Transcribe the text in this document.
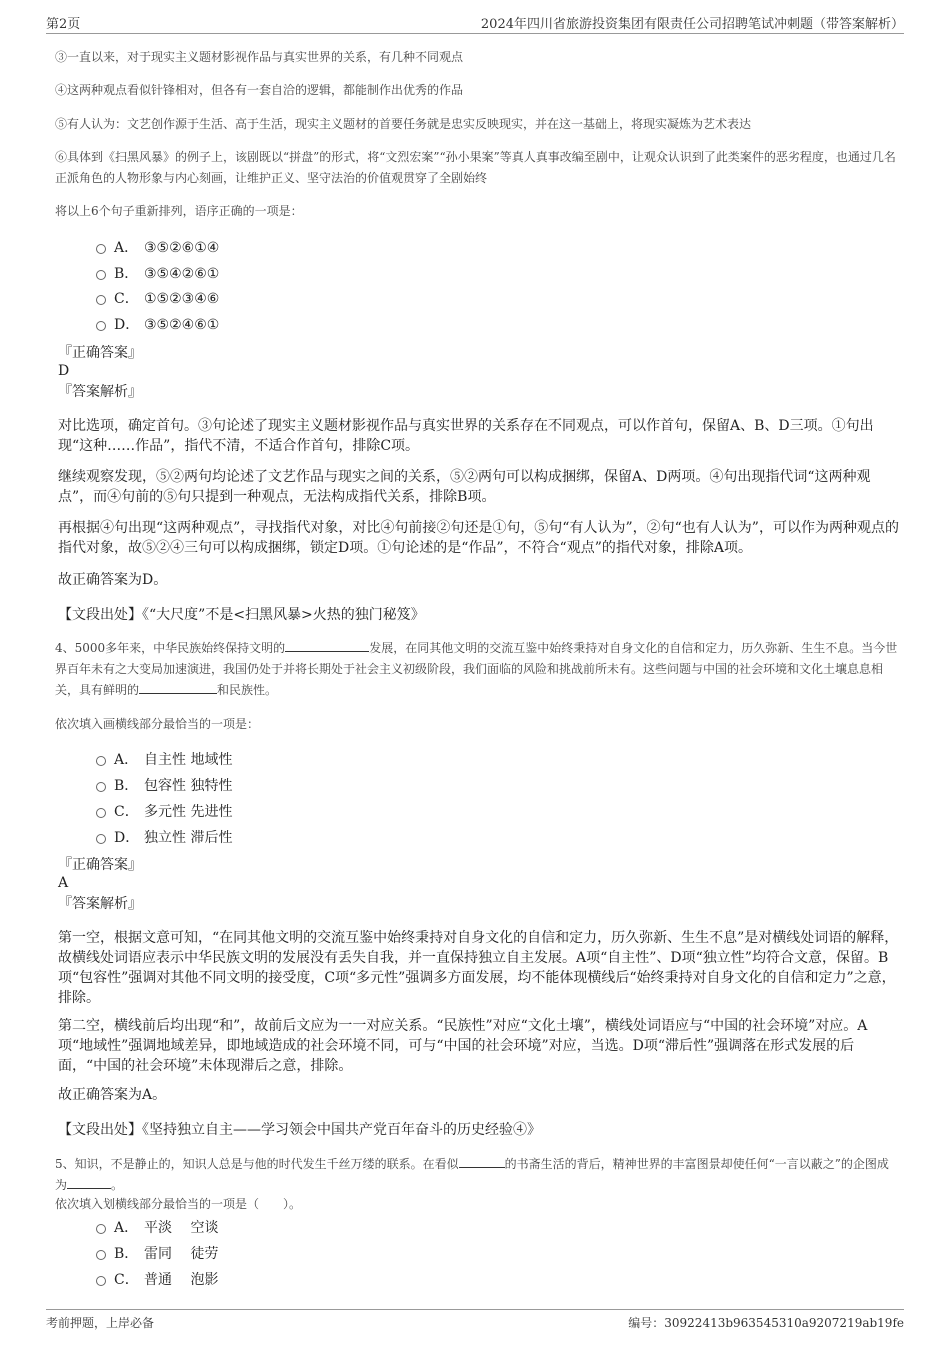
第2页	2024年四川省旅游投资集团有限责任公司招聘笔试冲刺题（带答案解析）
③一直以来，对于现实主义题材影视作品与真实世界的关系，有几种不同观点
④这两种观点看似针锋相对，但各有一套自洽的逻辑，都能制作出优秀的作品
⑤有人认为：文艺创作源于生活、高于生活，现实主义题材的首要任务就是忠实反映现实，并在这一基础上，将现实凝炼为艺术表达
⑥具体到《扫黑风暴》的例子上，该剧既以“拼盘”的形式，将“文烈宏案”“孙小果案”等真人真事改编至剧中，让观众认识到了此类案件的恶劣程度，也通过几名正派角色的人物形象与内心刻画，让维护正义、坚守法治的价值观贯穿了全剧始终
将以上6个句子重新排列，语序正确的一项是：
A． ③⑤②⑥①④
B． ③⑤④②⑥①
C． ①⑤②③④⑥
D． ③⑤②④⑥①
『正确答案』
D
『答案解析』
对比选项，确定首句。③句论述了现实主义题材影视作品与真实世界的关系存在不同观点，可以作首句，保留A、B、D三项。①句出现“这种……作品”，指代不清，不适合作首句，排除C项。
继续观察发现，⑤②两句均论述了文艺作品与现实之间的关系，⑤②两句可以构成捆绑，保留A、D两项。④句出现指代词“这两种观点”，而④句前的⑤句只提到一种观点，无法构成指代关系，排除B项。
再根据④句出现“这两种观点”，寻找指代对象，对比④句前接②句还是①句，⑤句“有人认为”，②句“也有人认为”，可以作为两种观点的指代对象，故⑤②④三句可以构成捆绑，锁定D项。①句论述的是“作品”，不符合“观点”的指代对象，排除A项。
故正确答案为D。
【文段出处】《“大尺度”不是<扫黑风暴>火热的独门秘笈》
4、5000多年来，中华民族始终保持文明的	发展，在同其他文明的交流互鉴中始终秉持对自身文化的自信和定力，历久弥新、生生不息。当今世界百年未有之大变局加速演进，我国仍处于并将长期处于社会主义初级阶段，我们面临的风险和挑战前所未有。这些问题与中国的社会环境和文化土壤息息相关，具有鲜明的	和民族性。
依次填入画横线部分最恰当的一项是：
A． 自主性 地域性
B． 包容性 独特性
C． 多元性 先进性
D． 独立性 滞后性
『正确答案』
A
『答案解析』
第一空，根据文意可知，“在同其他文明的交流互鉴中始终秉持对自身文化的自信和定力，历久弥新、生生不息”是对横线处词语的解释，故横线处词语应表示中华民族文明的发展没有丢失自我，并一直保持独立自主发展。A项“自主性”、D项“独立性”均符合文意，保留。B项“包容性”强调对其他不同文明的接受度，C项“多元性”强调多方面发展，均不能体现横线后“始终秉持对自身文化的自信和定力”之意，排除。
第二空，横线前后均出现“和”，故前后文应为一一对应关系。“民族性”对应“文化土壤”，横线处词语应与“中国的社会环境”对应。A项“地域性”强调地域差异，即地域造成的社会环境不同，可与“中国的社会环境”对应，当选。D项“滞后性”强调落在形式发展的后面，“中国的社会环境”未体现滞后之意，排除。
故正确答案为A。
【文段出处】《坚持独立自主——学习领会中国共产党百年奋斗的历史经验④》
5、知识，不是静止的，知识人总是与他的时代发生千丝万缕的联系。在看似	的书斋生活的背后，精神世界的丰富图景却使任何“一言以蔽之”的企图成为	。
依次填入划横线部分最恰当的一项是（　　）。
A． 平淡　 空谈
B． 雷同　 徒劳
C． 普通　 泡影
考前押题，上岸必备	编号：30922413b963545310a9207219ab19fe
